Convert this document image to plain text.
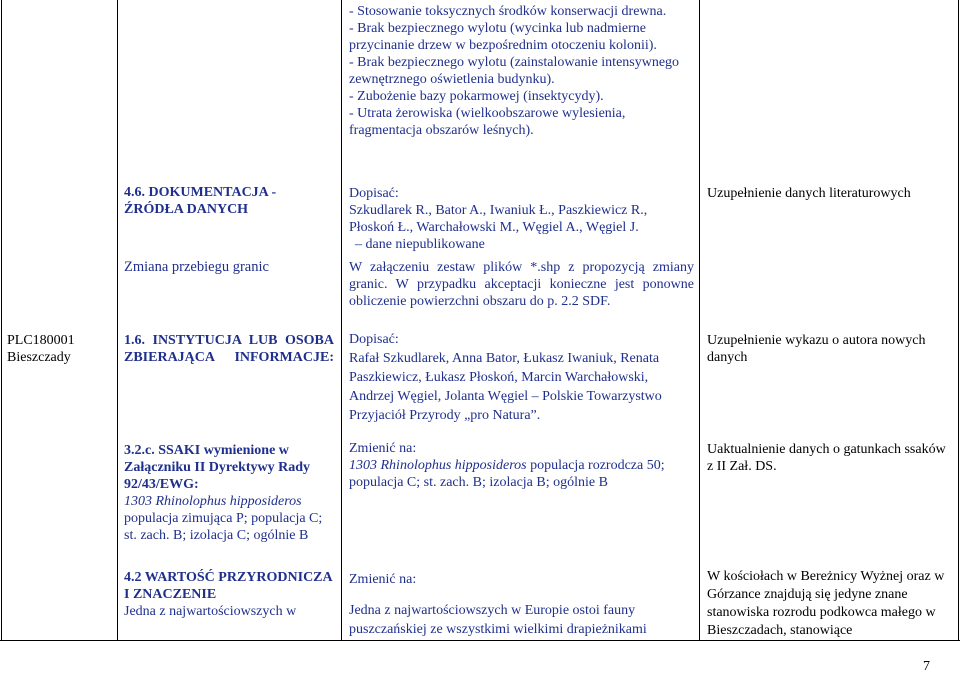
PLC180001
Bieszczady
4.6. DOKUMENTACJA - ŹRÓDŁA DANYCH
Zmiana przebiegu granic
1.6. INSTYTUCJA LUB OSOBA ZBIERAJĄCA INFORMACJE:
3.2.c. SSAKI wymienione w Załączniku II Dyrektywy Rady 92/43/EWG:
1303 Rhinolophus hipposideros
populacja zimująca P; populacja C; st. zach. B; izolacja C; ogólnie B
4.2 WARTOŚĆ PRZYRODNICZA I ZNACZENIE
Jedna z najwartościowszych w
- Stosowanie toksycznych środków konserwacji drewna.
- Brak bezpiecznego wylotu (wycinka lub nadmierne przycinanie drzew w bezpośrednim otoczeniu kolonii).
- Brak bezpiecznego wylotu (zainstalowanie intensywnego zewnętrznego oświetlenia budynku).
- Zubożenie bazy pokarmowej (insektycydy).
- Utrata żerowiska (wielkoobszarowe wylesienia, fragmentacja obszarów leśnych).
Dopisać:
Szkudlarek R., Bator A., Iwaniuk Ł., Paszkiewicz R., Płoskoń Ł., Warchałowski M., Węgiel A., Węgiel J.
– dane niepublikowane
W załączeniu zestaw plików *.shp z propozycją zmiany granic. W przypadku akceptacji konieczne jest ponowne obliczenie powierzchni obszaru do p. 2.2 SDF.
Dopisać:
Rafał Szkudlarek, Anna Bator, Łukasz Iwaniuk, Renata Paszkiewicz, Łukasz Płoskoń, Marcin Warchałowski, Andrzej Węgiel, Jolanta Węgiel – Polskie Towarzystwo Przyjaciół Przyrody „pro Natura”.
Zmienić na:
1303 Rhinolophus hipposideros populacja rozrodcza 50; populacja C; st. zach. B; izolacja B; ogólnie B
Zmienić na:
Jedna z najwartościowszych w Europie ostoi fauny puszczańskiej ze wszystkimi wielkimi drapieżnikami
Uzupełnienie danych literaturowych
Uzupełnienie wykazu o autora nowych danych
Uaktualnienie danych o gatunkach ssaków z II Zał. DS.
W kościołach w Bereżnicy Wyżnej oraz w Górzance znajdują się jedyne znane stanowiska rozrodu podkowca małego w Bieszczadach, stanowiące
7
